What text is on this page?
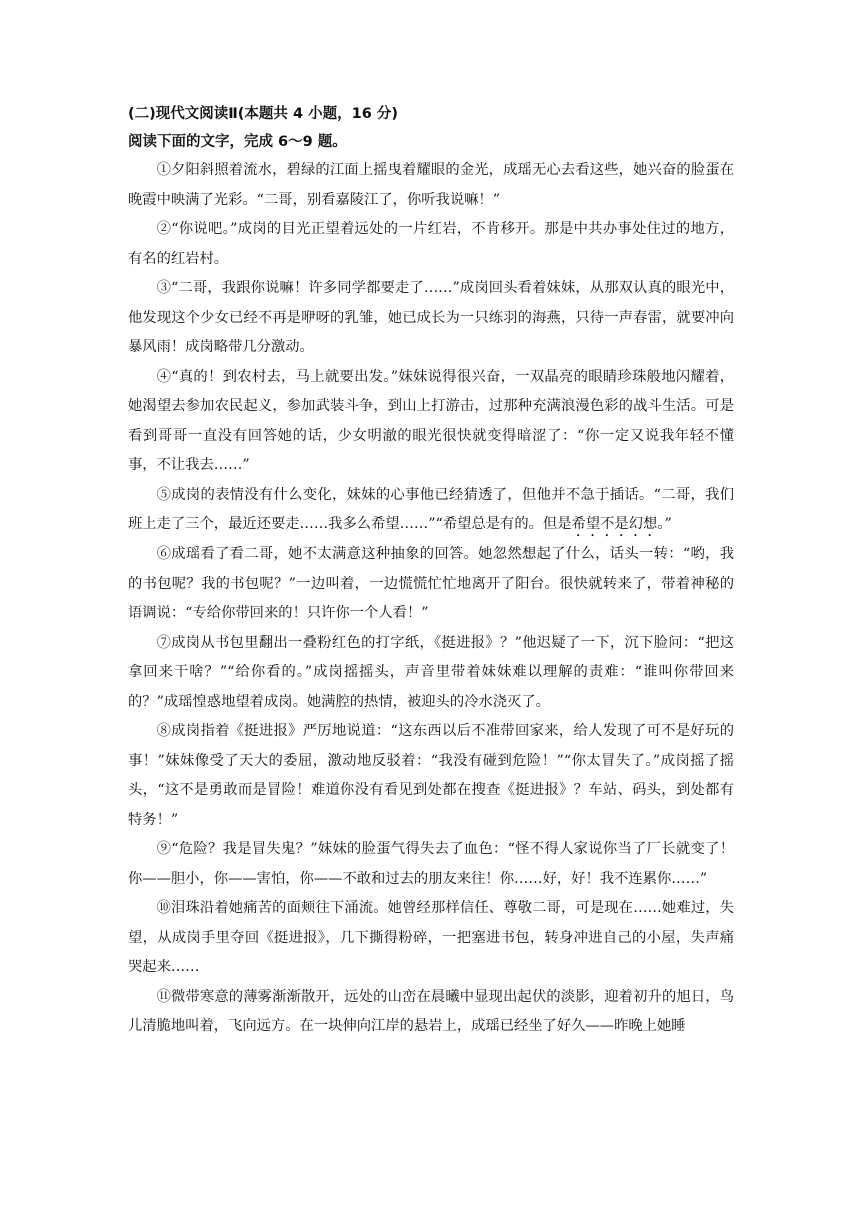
(二)现代文阅读Ⅱ(本题共 4 小题，16 分)

阅读下面的文字，完成 6～9 题。

①夕阳斜照着流水，碧绿的江面上摇曳着耀眼的金光，成瑶无心去看这些，她兴奋的脸蛋在晚霞中映满了光彩。“二哥，别看嘉陵江了，你听我说嘛！”

②“你说吧。”成岗的目光正望着远处的一片红岩，不肯移开。那是中共办事处住过的地方，有名的红岩村。

③“二哥，我跟你说嘛！许多同学都要走了……”成岗回头看着妹妹，从那双认真的眼光中，他发现这个少女已经不再是咿呀的乳雏，她已成长为一只练羽的海燕，只待一声春雷，就要冲向暴风雨！成岗略带几分激动。

④“真的！到农村去，马上就要出发。”妹妹说得很兴奋，一双晶亮的眼睛珍珠般地闪耀着，她渴望去参加农民起义，参加武装斗争，到山上打游击，过那种充满浪漫色彩的战斗生活。可是看到哥哥一直没有回答她的话，少女明澈的眼光很快就变得暗涩了：“你一定又说我年轻不懂事，不让我去……”

⑤成岗的表情没有什么变化，妹妹的心事他已经猜透了，但他并不急于插话。“二哥，我们班上走了三个，最近还要走……我多么希望……”“希望总是有的。但是希望不是幻想。”

⑥成瑶看了看二哥，她不太满意这种抽象的回答。她忽然想起了什么，话头一转：“哟，我的书包呢？我的书包呢？”一边叫着，一边慌慌忙忙地离开了阳台。很快就转来了，带着神秘的语调说：“专给你带回来的！只许你一个人看！”

⑦成岗从书包里翻出一叠粉红色的打字纸，《挺进报》？”他迟疑了一下，沉下脸问：“把这拿回来干啥？”“给你看的。”成岗摇摇头，声音里带着妹妹难以理解的责难：“谁叫你带回来的？”成瑶惶惑地望着成岗。她满腔的热情，被迎头的冷水浇灭了。

⑧成岗指着《挺进报》严厉地说道：“这东西以后不准带回家来，给人发现了可不是好玩的事！”妹妹像受了天大的委屈，激动地反驳着：“我没有碰到危险！”“你太冒失了。”成岗摇了摇头，“这不是勇敢而是冒险！难道你没有看见到处都在搜查《挺进报》？车站、码头，到处都有特务！”

⑨“危险？我是冒失鬼？”妹妹的脸蛋气得失去了血色：“怪不得人家说你当了厂长就变了！你——胆小，你——害怕，你——不敢和过去的朋友来往！你……好，好！我不连累你……”

⑩泪珠沿着她痛苦的面颊往下涌流。她曾经那样信任、尊敬二哥，可是现在……她难过，失望，从成岗手里夺回《挺进报》，几下撕得粉碎，一把塞进书包，转身冲进自己的小屋，失声痛哭起来……

⑪微带寒意的薄雾渐渐散开，远处的山峦在晨曦中显现出起伏的淡影，迎着初升的旭日，鸟儿清脆地叫着，飞向远方。在一块伸向江岸的悬岩上，成瑶已经坐了好久——昨晚上她睡
